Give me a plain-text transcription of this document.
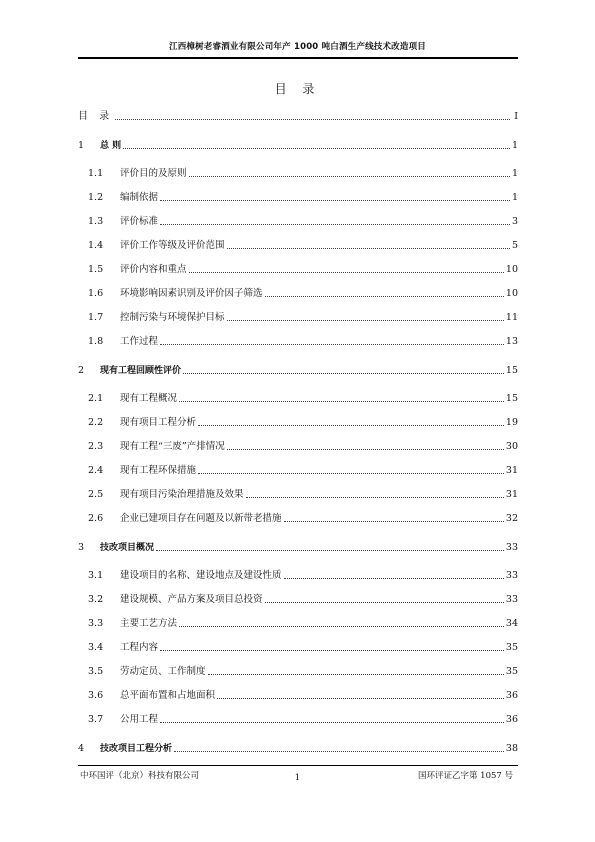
江西樟树老睿酒业有限公司年产 1000 吨白酒生产线技术改造项目
目 录
目 录	I
1	总 则	1
1.1	评价目的及原则	1
1.2	编制依据	1
1.3	评价标准	3
1.4	评价工作等级及评价范围	5
1.5	评价内容和重点	10
1.6	环境影响因素识别及评价因子筛选	10
1.7	控制污染与环境保护目标	11
1.8	工作过程	13
2	现有工程回顾性评价	15
2.1	现有工程概况	15
2.2	现有项目工程分析	19
2.3	现有工程“三废”产排情况	30
2.4	现有工程环保措施	31
2.5	现有项目污染治理措施及效果	31
2.6	企业已建项目存在问题及以新带老措施	32
3	技改项目概况	33
3.1	建设项目的名称、建设地点及建设性质	33
3.2	建设规模、产品方案及项目总投资	33
3.3	主要工艺方法	34
3.4	工程内容	35
3.5	劳动定员、工作制度	35
3.6	总平面布置和占地面积	36
3.7	公用工程	36
4	技改项目工程分析	38
中环国评（北京）科技有限公司	1	国环评证乙字第 1057 号
